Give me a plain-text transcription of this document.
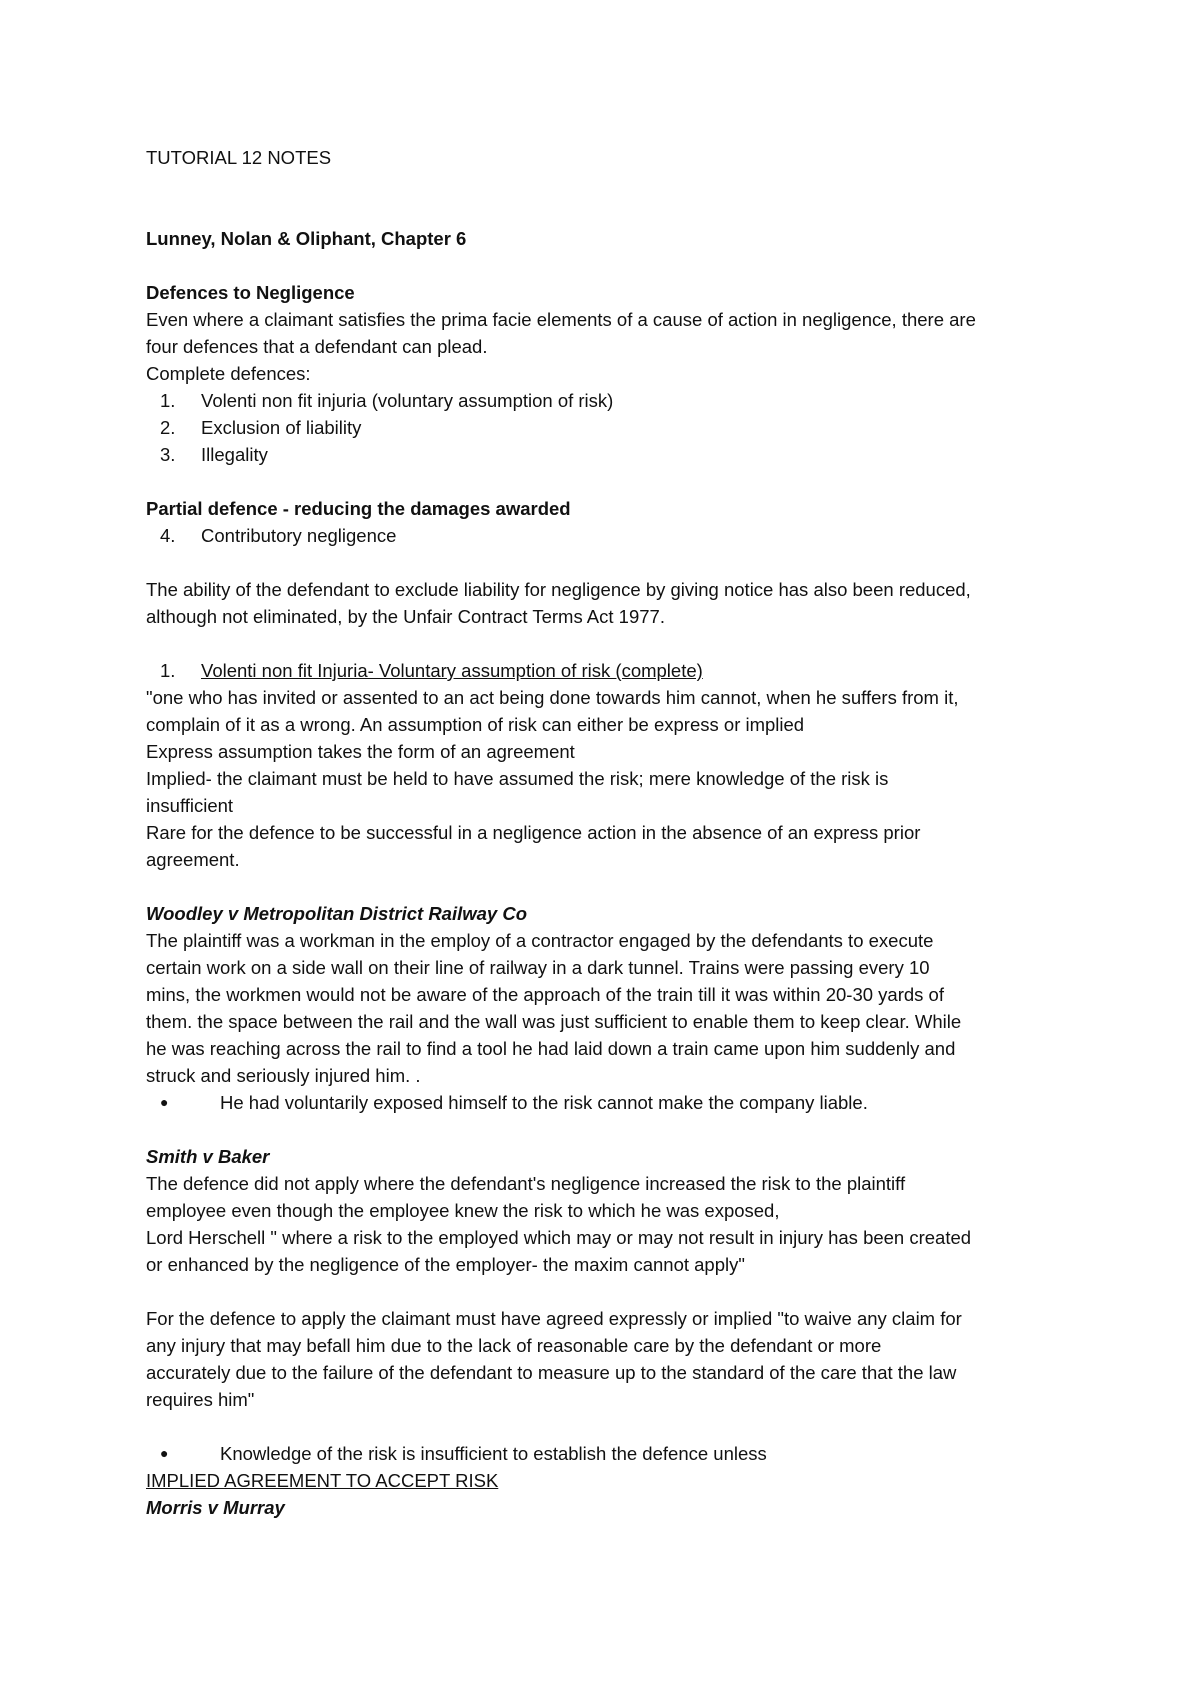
TUTORIAL 12 NOTES

Lunney, Nolan & Oliphant, Chapter 6

Defences to Negligence

Even where a claimant satisfies the prima facie elements of a cause of action in negligence, there are

four defences that a defendant can plead.

Complete defences:

1.	Volenti non fit injuria (voluntary assumption of risk)
2.	Exclusion of liability
3.	Illegality

Partial defence - reducing the damages awarded

4.	Contributory negligence

The ability of the defendant to exclude liability for negligence by giving notice has also been reduced,

although not eliminated, by the Unfair Contract Terms Act 1977.

1.	Volenti non fit Injuria- Voluntary assumption of risk (complete)

"one who has invited or assented to an act being done towards him cannot, when he suffers from it,

complain of it as a wrong. An assumption of risk can either be express or implied

Express assumption takes the form of an agreement

Implied- the claimant must be held to have assumed the risk; mere knowledge of the risk is

insufficient

Rare for the defence to be successful in a negligence action in the absence of an express prior

agreement.

Woodley v Metropolitan District Railway Co

The plaintiff was a workman in the employ of a contractor engaged by the defendants to execute

certain work on a side wall on their line of railway in a dark tunnel. Trains were passing every 10

mins, the workmen would not be aware of the approach of the train till it was within 20-30 yards of

them. the space between the rail and the wall was just sufficient to enable them to keep clear. While

he was reaching across the rail to find a tool he had laid down a train came upon him suddenly and

struck and seriously injured him. .

●	He had voluntarily exposed himself to the risk cannot make the company liable.

Smith v Baker

The defence did not apply where the defendant's negligence increased the risk to the plaintiff

employee even though the employee knew the risk to which he was exposed,

Lord Herschell " where a risk to the employed which may or may not result in injury has been created

or enhanced by the negligence of the employer- the maxim cannot apply"

For the defence to apply the claimant must have agreed expressly or implied "to waive any claim for

any injury that may befall him due to the lack of reasonable care by the defendant or more

accurately due to the failure of the defendant to measure up to the standard of the care that the law

requires him"

●	Knowledge of the risk is insufficient to establish the defence unless

IMPLIED AGREEMENT TO ACCEPT RISK

Morris v Murray
